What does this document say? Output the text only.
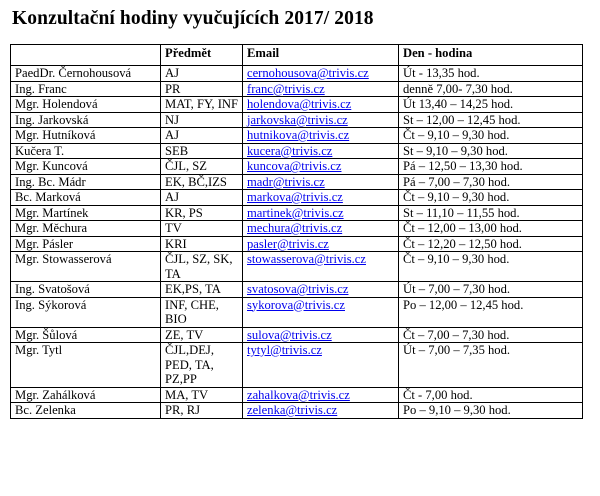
Konzultační hodiny vyučujících 2017/ 2018
	Předmět	Email	Den - hodina
PaedDr. Černohousová	AJ	cernohousova@trivis.cz	Út - 13,35 hod.
Ing. Franc	PR	franc@trivis.cz	denně 7,00- 7,30 hod.
Mgr. Holendová	MAT, FY, INF	holendova@trivis.cz	Út 13,40 – 14,25 hod.
Ing. Jarkovská	NJ	jarkovska@trivis.cz	St – 12,00 – 12,45 hod.
Mgr. Hutníková	AJ	hutnikova@trivis.cz	Čt – 9,10 – 9,30 hod.
Kučera T.	SEB	kucera@trivis.cz	St – 9,10 – 9,30 hod.
Mgr. Kuncová	ČJL, SZ	kuncova@trivis.cz	Pá – 12,50 – 13,30 hod.
Ing. Bc. Mádr	EK, BČ,IZS	madr@trivis.cz	Pá – 7,00 – 7,30 hod.
Bc. Marková	AJ	markova@trivis.cz	Čt – 9,10 – 9,30 hod.
Mgr. Martínek	KR, PS	martinek@trivis.cz	St – 11,10 – 11,55 hod.
Mgr. Měchura	TV	mechura@trivis.cz	Čt – 12,00 – 13,00 hod.
Mgr. Pásler	KRI	pasler@trivis.cz	Čt – 12,20 – 12,50 hod.
Mgr. Stowasserová	ČJL, SZ, SK, TA	stowasserova@trivis.cz	Čt – 9,10 – 9,30 hod.
Ing. Svatošová	EK,PS, TA	svatosova@trivis.cz	Út – 7,00 – 7,30 hod.
Ing. Sýkorová	INF, CHE, BIO	sykorova@trivis.cz	Po – 12,00 – 12,45 hod.
Mgr. Šůlová	ZE, TV	sulova@trivis.cz	Čt – 7,00 – 7,30 hod.
Mgr. Tytl	ČJL,DEJ, PED, TA, PZ,PP	tytyl@trivis.cz	Út – 7,00 – 7,35 hod.
Mgr. Zahálková	MA, TV	zahalkova@trivis.cz	Čt - 7,00 hod.
Bc. Zelenka	PR, RJ	zelenka@trivis.cz	Po – 9,10 – 9,30 hod.
